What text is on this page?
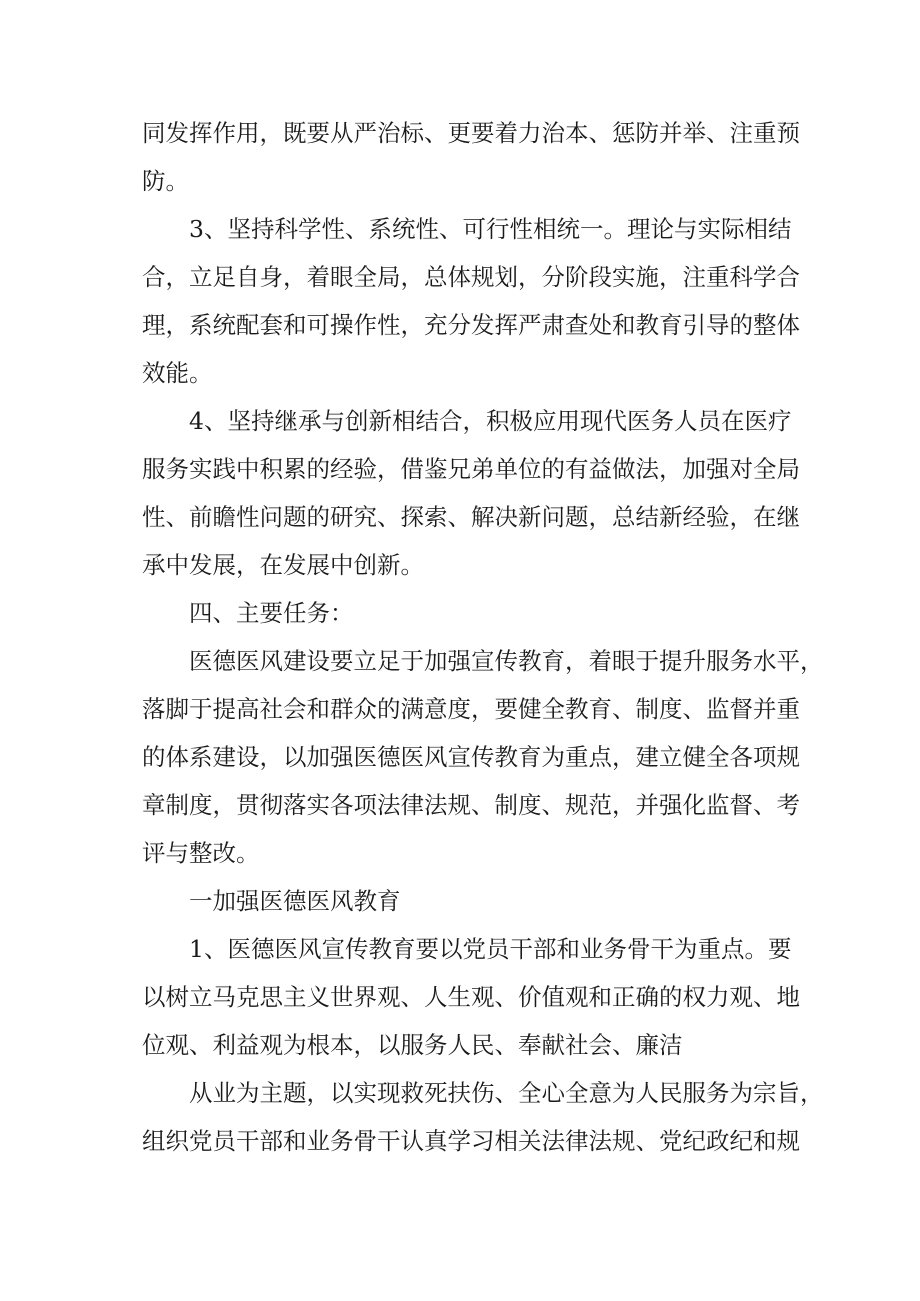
同发挥作用，既要从严治标、更要着力治本、惩防并举、注重预
防。
3、坚持科学性、系统性、可行性相统一。理论与实际相结
合，立足自身，着眼全局，总体规划，分阶段实施，注重科学合
理，系统配套和可操作性，充分发挥严肃查处和教育引导的整体
效能。
4、坚持继承与创新相结合，积极应用现代医务人员在医疗
服务实践中积累的经验，借鉴兄弟单位的有益做法，加强对全局
性、前瞻性问题的研究、探索、解决新问题，总结新经验，在继
承中发展，在发展中创新。
四、主要任务：
医德医风建设要立足于加强宣传教育，着眼于提升服务水平，
落脚于提高社会和群众的满意度，要健全教育、制度、监督并重
的体系建设，以加强医德医风宣传教育为重点，建立健全各项规
章制度，贯彻落实各项法律法规、制度、规范，并强化监督、考
评与整改。
一加强医德医风教育
1、医德医风宣传教育要以党员干部和业务骨干为重点。要
以树立马克思主义世界观、人生观、价值观和正确的权力观、地
位观、利益观为根本，以服务人民、奉献社会、廉洁
从业为主题，以实现救死扶伤、全心全意为人民服务为宗旨，
组织党员干部和业务骨干认真学习相关法律法规、党纪政纪和规
